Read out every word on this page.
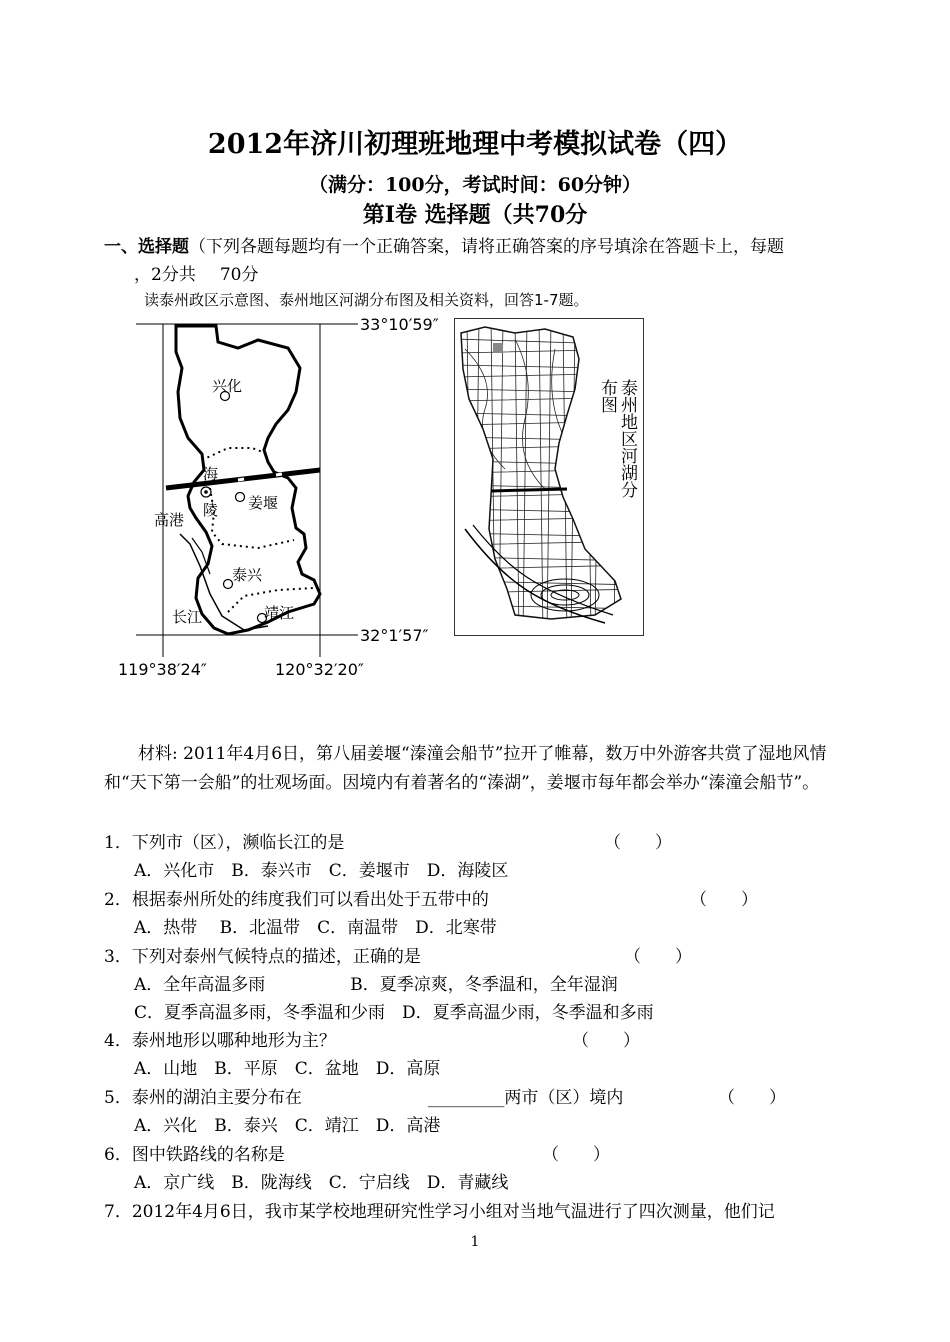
2012年济川初理班地理中考模拟试卷（四）
（满分：100分，考试时间：60分钟）
第Ⅰ卷 选择题（共70分
一、选择题（下列各题每题均有一个正确答案，请将正确答案的序号填涂在答题卡上，每题
，2分共 70分
读泰州政区示意图、泰州地区河湖分布图及相关资料，回答1-7题。
兴化
海
陵 姜堰
高港
泰兴
长江	靖江
33°10′59″
32°1′57″
119°38′24″	120°32′20″
泰州地区河湖分
布图
材料: 2011年4月6日，第八届姜堰“溱潼会船节”拉开了帷幕，数万中外游客共赏了湿地风情和“天下第一会船”的壮观场面。因境内有着著名的“溱湖”，姜堰市每年都会举办“溱潼会船节”。
1．下列市（区），濒临长江的是	（　　）
A．兴化市　B．泰兴市　C．姜堰市　D．海陵区
2．根据泰州所处的纬度我们可以看出处于五带中的	（　　）
A．热带　 B．北温带　C．南温带　D．北寒带
3．下列对泰州气候特点的描述，正确的是	（　　）
A．全年高温多雨　　　　　B．夏季凉爽，冬季温和，全年湿润
C．夏季高温多雨，冬季温和少雨　D．夏季高温少雨，冬季温和多雨
4．泰州地形以哪种地形为主？	（　　）
A．山地　B．平原　C．盆地　D．高原
5．泰州的湖泊主要分布在	_________两市（区）境内	（　　）
A．兴化　B．泰兴　C．靖江　D．高港
6．图中铁路线的名称是	（　　）
A．京广线　B．陇海线　C．宁启线　D．青藏线
7．2012年4月6日，我市某学校地理研究性学习小组对当地气温进行了四次测量，他们记
1
